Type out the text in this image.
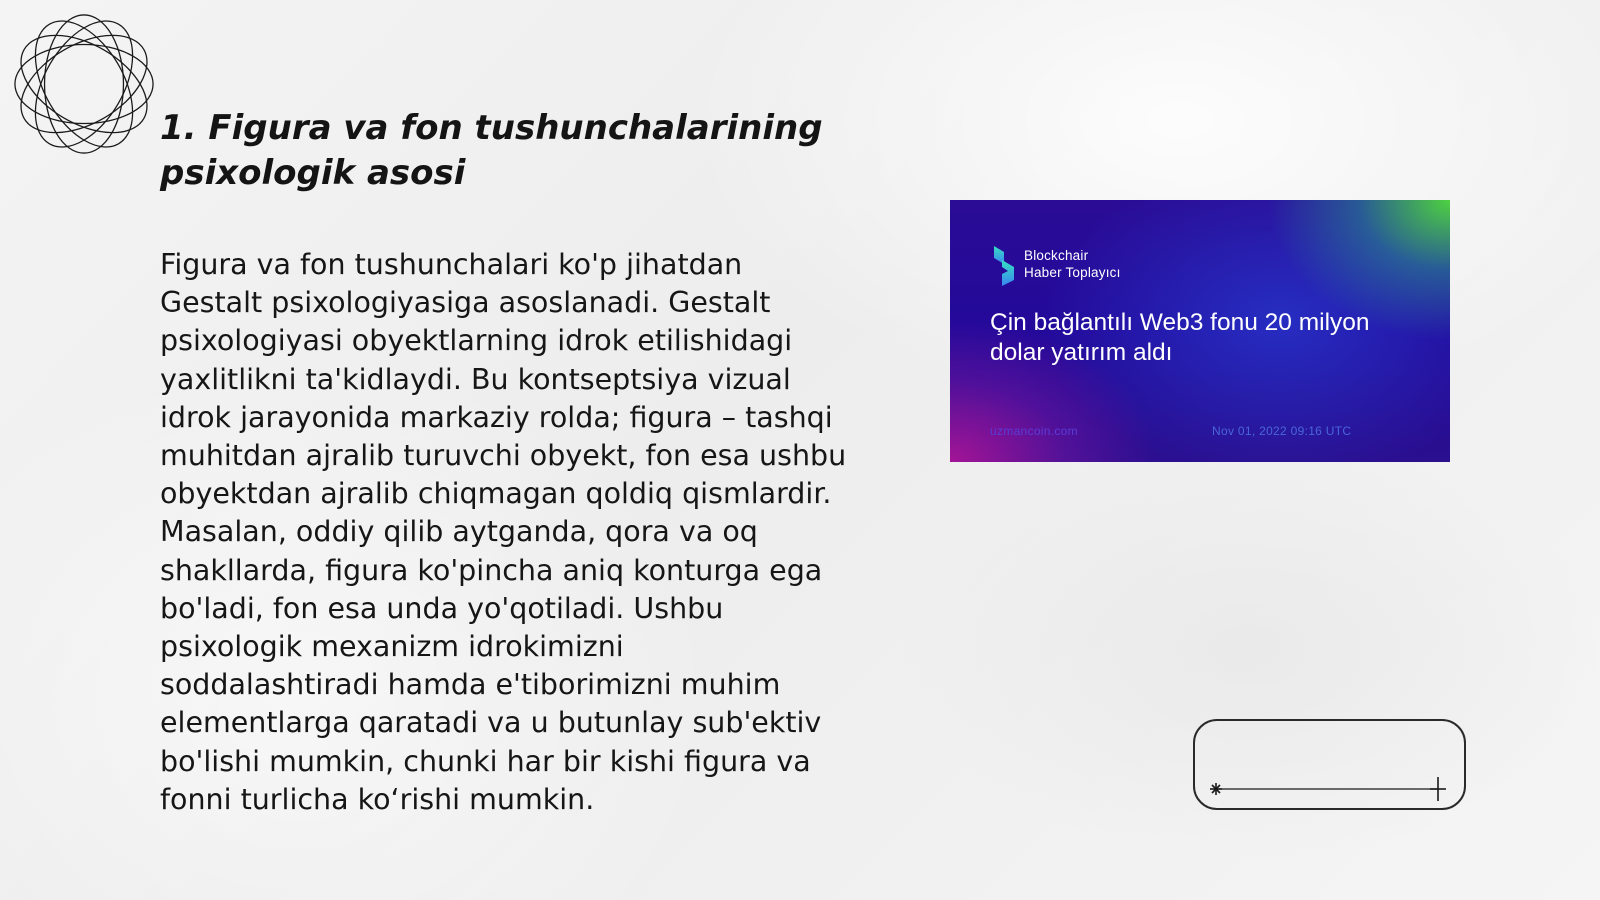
1. Figura va fon tushunchalarining psixologik asosi

Figura va fon tushunchalari ko'p jihatdan Gestalt psixologiyasiga asoslanadi. Gestalt psixologiyasi obyektlarning idrok etilishidagi yaxlitlikni ta'kidlaydi. Bu kontseptsiya vizual idrok jarayonida markaziy rolda; figura – tashqi muhitdan ajralib turuvchi obyekt, fon esa ushbu obyektdan ajralib chiqmagan qoldiq qismlardir. Masalan, oddiy qilib aytganda, qora va oq shakllarda, figura ko'pincha aniq konturga ega bo'ladi, fon esa unda yo'qotiladi. Ushbu psixologik mexanizm idrokimizni soddalashtiradi hamda e'tiborimizni muhim elementlarga qaratadi va u butunlay sub'ektiv bo'lishi mumkin, chunki har bir kishi figura va fonni turlicha ko‘rishi mumkin.

Blockchair
Haber Toplayıcı
Çin bağlantılı Web3 fonu 20 milyon dolar yatırım aldı
uzmancoin.com	Nov 01, 2022 09:16 UTC
